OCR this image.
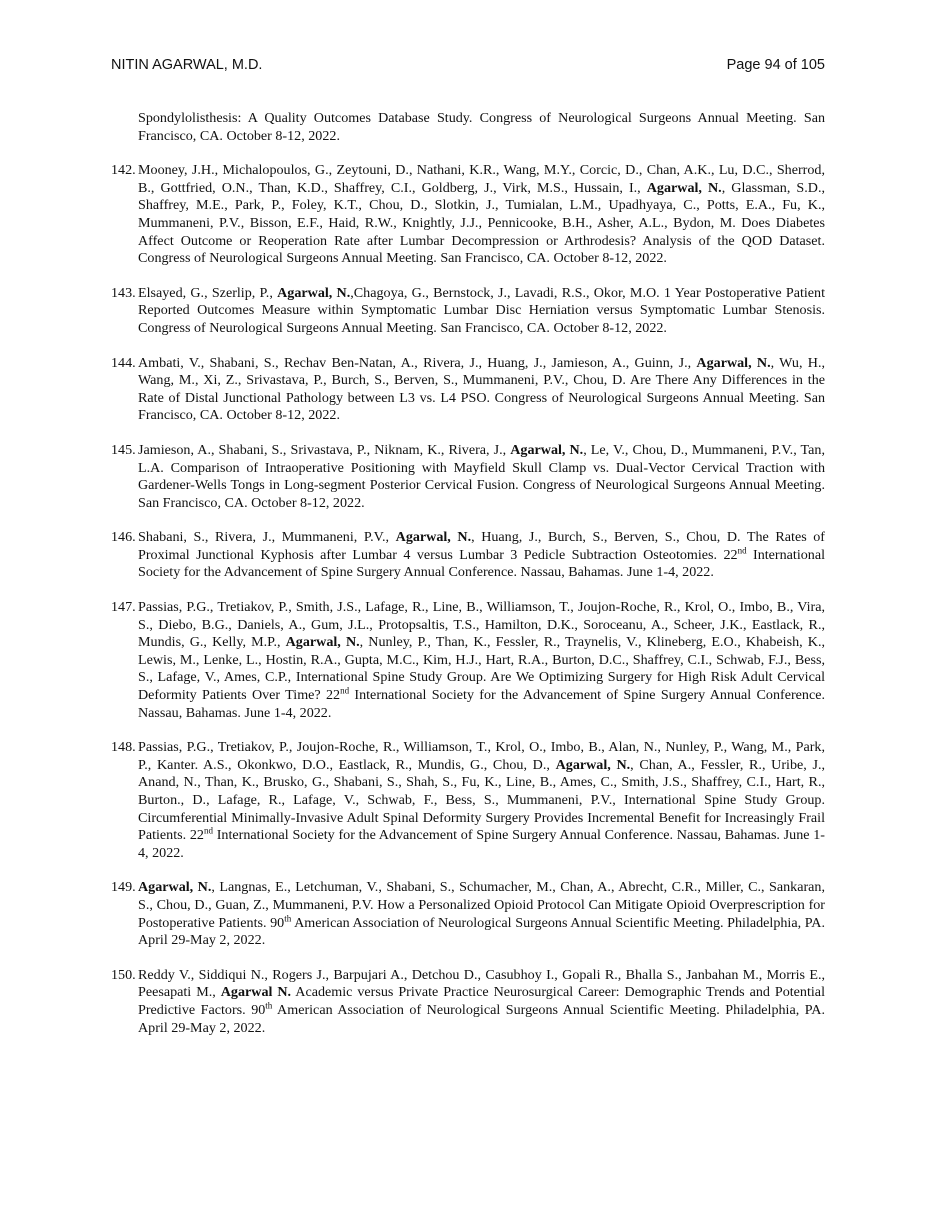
NITIN AGARWAL, M.D.	Page 94 of 105
Spondylolisthesis: A Quality Outcomes Database Study. Congress of Neurological Surgeons Annual Meeting. San Francisco, CA. October 8-12, 2022.
142. Mooney, J.H., Michalopoulos, G., Zeytouni, D., Nathani, K.R., Wang, M.Y., Corcic, D., Chan, A.K., Lu, D.C., Sherrod, B., Gottfried, O.N., Than, K.D., Shaffrey, C.I., Goldberg, J., Virk, M.S., Hussain, I., Agarwal, N., Glassman, S.D., Shaffrey, M.E., Park, P., Foley, K.T., Chou, D., Slotkin, J., Tumialan, L.M., Upadhyaya, C., Potts, E.A., Fu, K., Mummaneni, P.V., Bisson, E.F., Haid, R.W., Knightly, J.J., Pennicooke, B.H., Asher, A.L., Bydon, M. Does Diabetes Affect Outcome or Reoperation Rate after Lumbar Decompression or Arthrodesis? Analysis of the QOD Dataset. Congress of Neurological Surgeons Annual Meeting. San Francisco, CA. October 8-12, 2022.
143. Elsayed, G., Szerlip, P., Agarwal, N.,Chagoya, G., Bernstock, J., Lavadi, R.S., Okor, M.O. 1 Year Postoperative Patient Reported Outcomes Measure within Symptomatic Lumbar Disc Herniation versus Symptomatic Lumbar Stenosis. Congress of Neurological Surgeons Annual Meeting. San Francisco, CA. October 8-12, 2022.
144. Ambati, V., Shabani, S., Rechav Ben-Natan, A., Rivera, J., Huang, J., Jamieson, A., Guinn, J., Agarwal, N., Wu, H., Wang, M., Xi, Z., Srivastava, P., Burch, S., Berven, S., Mummaneni, P.V., Chou, D. Are There Any Differences in the Rate of Distal Junctional Pathology between L3 vs. L4 PSO. Congress of Neurological Surgeons Annual Meeting. San Francisco, CA. October 8-12, 2022.
145. Jamieson, A., Shabani, S., Srivastava, P., Niknam, K., Rivera, J., Agarwal, N., Le, V., Chou, D., Mummaneni, P.V., Tan, L.A. Comparison of Intraoperative Positioning with Mayfield Skull Clamp vs. Dual-Vector Cervical Traction with Gardener-Wells Tongs in Long-segment Posterior Cervical Fusion. Congress of Neurological Surgeons Annual Meeting. San Francisco, CA. October 8-12, 2022.
146. Shabani, S., Rivera, J., Mummaneni, P.V., Agarwal, N., Huang, J., Burch, S., Berven, S., Chou, D. The Rates of Proximal Junctional Kyphosis after Lumbar 4 versus Lumbar 3 Pedicle Subtraction Osteotomies. 22nd International Society for the Advancement of Spine Surgery Annual Conference. Nassau, Bahamas. June 1-4, 2022.
147. Passias, P.G., Tretiakov, P., Smith, J.S., Lafage, R., Line, B., Williamson, T., Joujon-Roche, R., Krol, O., Imbo, B., Vira, S., Diebo, B.G., Daniels, A., Gum, J.L., Protopsaltis, T.S., Hamilton, D.K., Soroceanu, A., Scheer, J.K., Eastlack, R., Mundis, G., Kelly, M.P., Agarwal, N., Nunley, P., Than, K., Fessler, R., Traynelis, V., Klineberg, E.O., Khabeish, K., Lewis, M., Lenke, L., Hostin, R.A., Gupta, M.C., Kim, H.J., Hart, R.A., Burton, D.C., Shaffrey, C.I., Schwab, F.J., Bess, S., Lafage, V., Ames, C.P., International Spine Study Group. Are We Optimizing Surgery for High Risk Adult Cervical Deformity Patients Over Time? 22nd International Society for the Advancement of Spine Surgery Annual Conference. Nassau, Bahamas. June 1-4, 2022.
148. Passias, P.G., Tretiakov, P., Joujon-Roche, R., Williamson, T., Krol, O., Imbo, B., Alan, N., Nunley, P., Wang, M., Park, P., Kanter. A.S., Okonkwo, D.O., Eastlack, R., Mundis, G., Chou, D., Agarwal, N., Chan, A., Fessler, R., Uribe, J., Anand, N., Than, K., Brusko, G., Shabani, S., Shah, S., Fu, K., Line, B., Ames, C., Smith, J.S., Shaffrey, C.I., Hart, R., Burton., D., Lafage, R., Lafage, V., Schwab, F., Bess, S., Mummaneni, P.V., International Spine Study Group. Circumferential Minimally-Invasive Adult Spinal Deformity Surgery Provides Incremental Benefit for Increasingly Frail Patients. 22nd International Society for the Advancement of Spine Surgery Annual Conference. Nassau, Bahamas. June 1-4, 2022.
149. Agarwal, N., Langnas, E., Letchuman, V., Shabani, S., Schumacher, M., Chan, A., Abrecht, C.R., Miller, C., Sankaran, S., Chou, D., Guan, Z., Mummaneni, P.V. How a Personalized Opioid Protocol Can Mitigate Opioid Overprescription for Postoperative Patients. 90th American Association of Neurological Surgeons Annual Scientific Meeting. Philadelphia, PA. April 29-May 2, 2022.
150. Reddy V., Siddiqui N., Rogers J., Barpujari A., Detchou D., Casubhoy I., Gopali R., Bhalla S., Janbahan M., Morris E., Peesapati M., Agarwal N. Academic versus Private Practice Neurosurgical Career: Demographic Trends and Potential Predictive Factors. 90th American Association of Neurological Surgeons Annual Scientific Meeting. Philadelphia, PA. April 29-May 2, 2022.
